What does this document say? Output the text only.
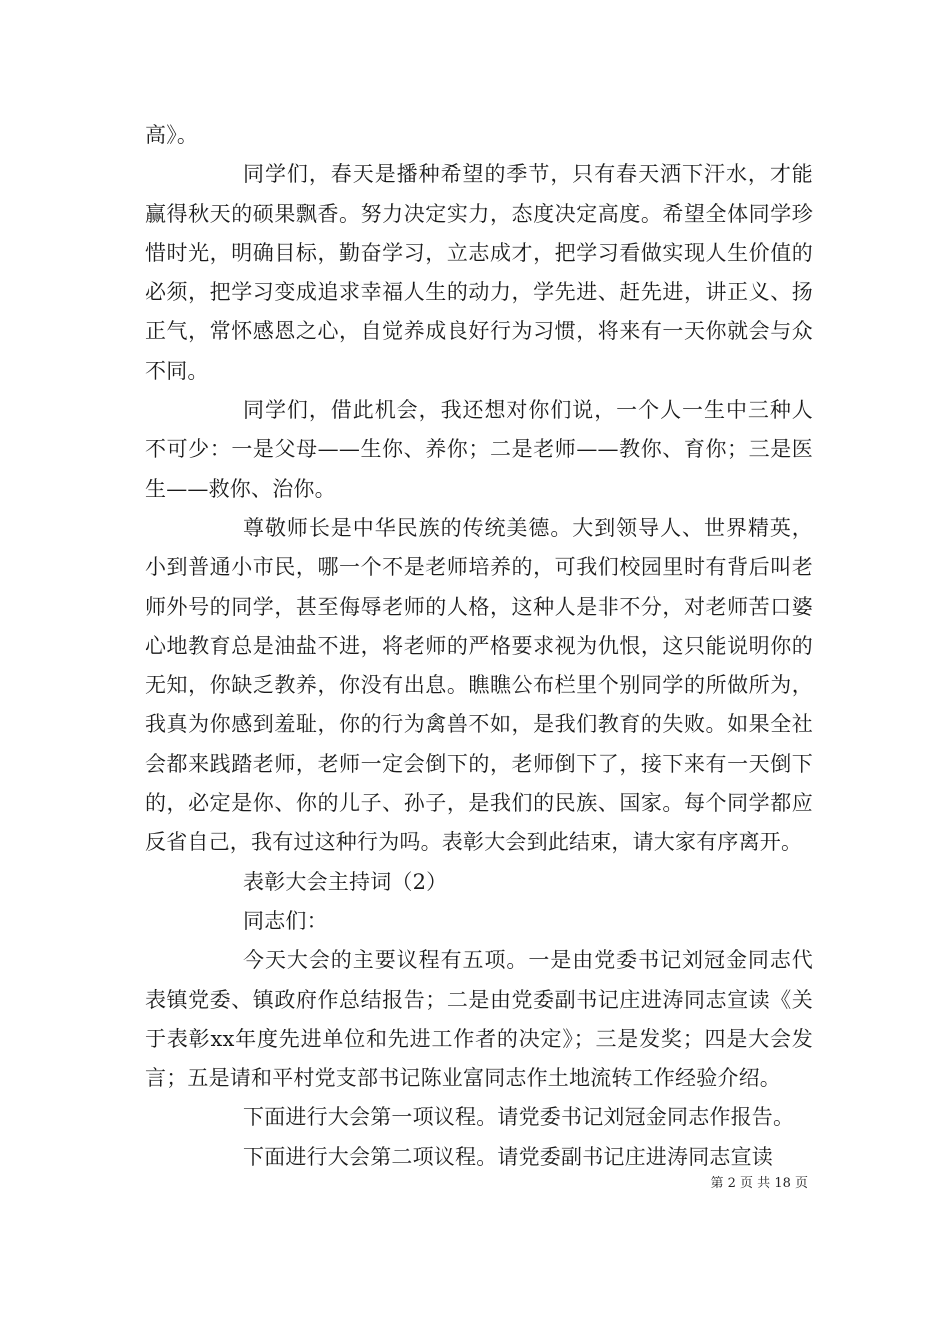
高》。

同学们，春天是播种希望的季节，只有春天洒下汗水，才能赢得秋天的硕果飘香。努力决定实力，态度决定高度。希望全体同学珍惜时光，明确目标，勤奋学习，立志成才，把学习看做实现人生价值的必须，把学习变成追求幸福人生的动力，学先进、赶先进，讲正义、扬正气，常怀感恩之心，自觉养成良好行为习惯，将来有一天你就会与众不同。

同学们，借此机会，我还想对你们说，一个人一生中三种人不可少：一是父母——生你、养你；二是老师——教你、育你；三是医生——救你、治你。

尊敬师长是中华民族的传统美德。大到领导人、世界精英，小到普通小市民，哪一个不是老师培养的，可我们校园里时有背后叫老师外号的同学，甚至侮辱老师的人格，这种人是非不分，对老师苦口婆心地教育总是油盐不进，将老师的严格要求视为仇恨，这只能说明你的无知，你缺乏教养，你没有出息。瞧瞧公布栏里个别同学的所做所为，我真为你感到羞耻，你的行为禽兽不如，是我们教育的失败。如果全社会都来践踏老师，老师一定会倒下的，老师倒下了，接下来有一天倒下的，必定是你、你的儿子、孙子，是我们的民族、国家。每个同学都应反省自己，我有过这种行为吗。表彰大会到此结束，请大家有序离开。

表彰大会主持词（2）

同志们：

今天大会的主要议程有五项。一是由党委书记刘冠金同志代表镇党委、镇政府作总结报告；二是由党委副书记庄进涛同志宣读《关于表彰xx年度先进单位和先进工作者的决定》；三是发奖；四是大会发言；五是请和平村党支部书记陈业富同志作土地流转工作经验介绍。

下面进行大会第一项议程。请党委书记刘冠金同志作报告。

下面进行大会第二项议程。请党委副书记庄进涛同志宣读

第 2 页 共 18 页
